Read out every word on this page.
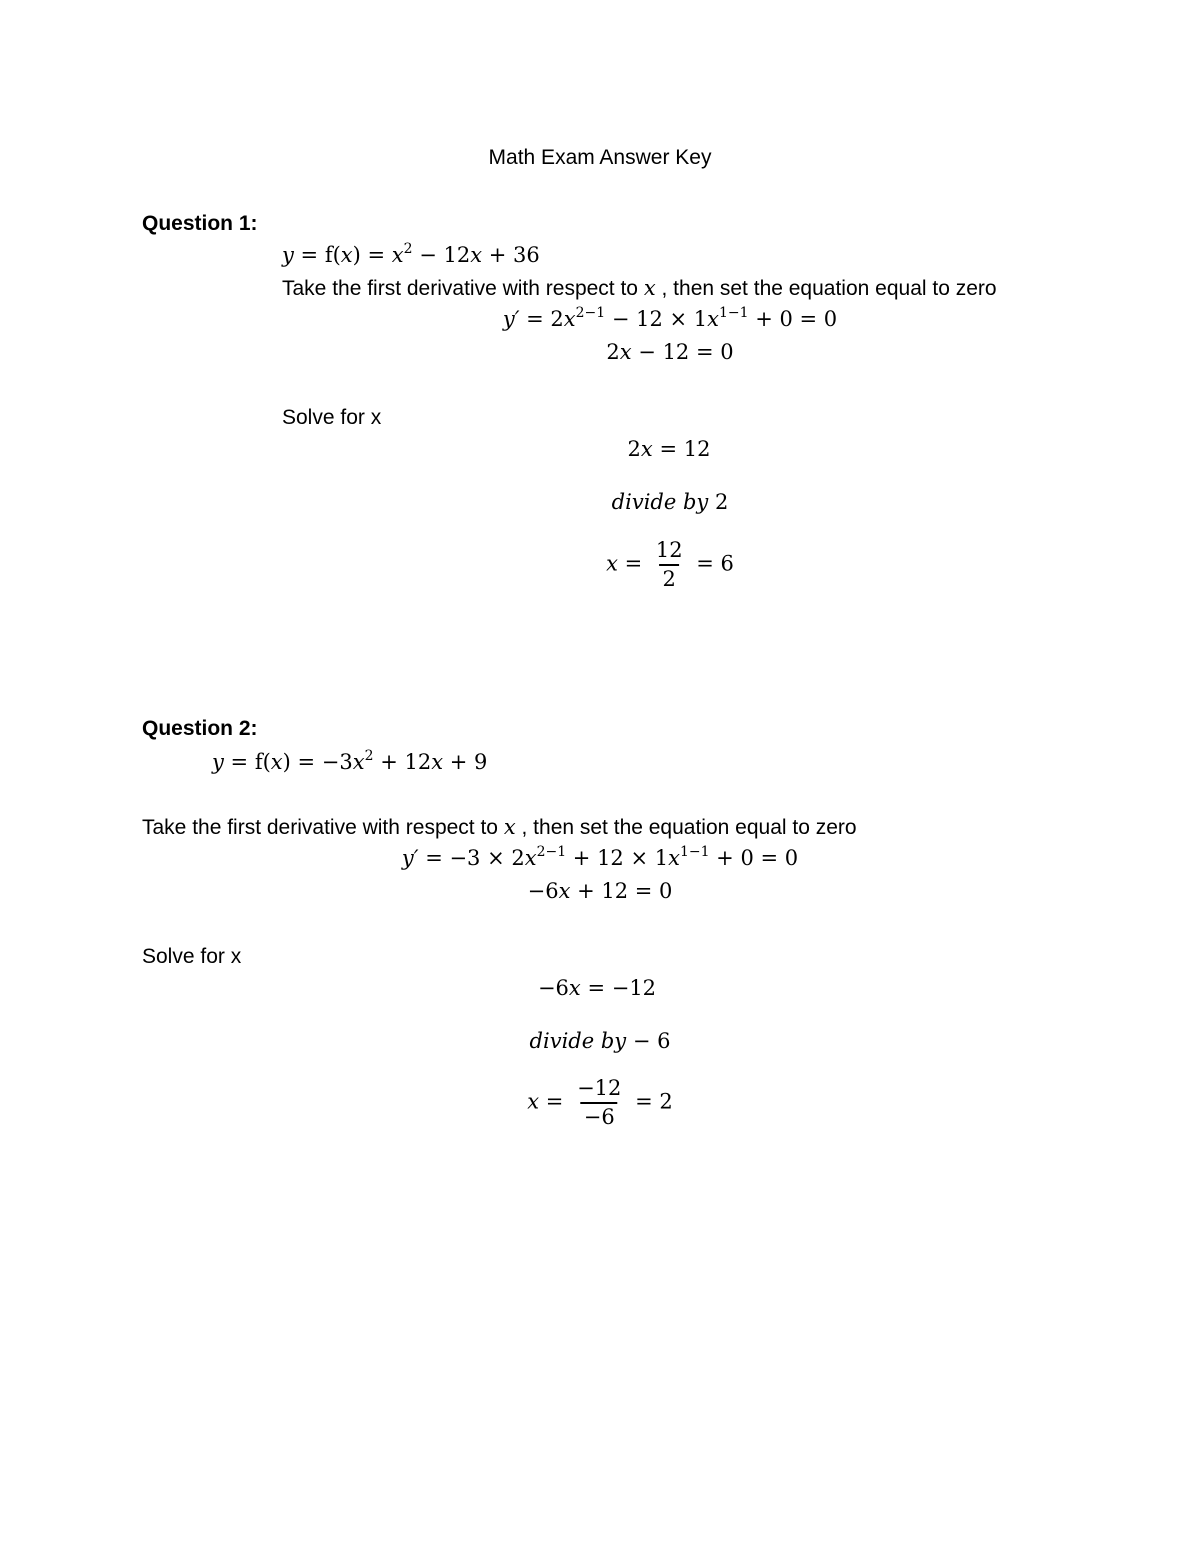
Math Exam Answer Key
Question 1:
$y = f(x) = x^2 - 12x + 36$
Take the first derivative with respect to x , then set the equation equal to zero
$y' = 2x^{2-1} - 12 \times 1x^{1-1} + 0 = 0$
2x − 12 = 0
Solve for x
2x = 12
divide by 2
$x = \frac{12}{2} = 6$
Question 2:
$y = f(x) = -3x^2 + 12x + 9$
Take the first derivative with respect to x , then set the equation equal to zero
$y' = -3 \times 2x^{2-1} + 12 \times 1x^{1-1} + 0 = 0$
−6x + 12 = 0
Solve for x
−6x = −12
divide by − 6
$x = \frac{-12}{-6} = 2$
